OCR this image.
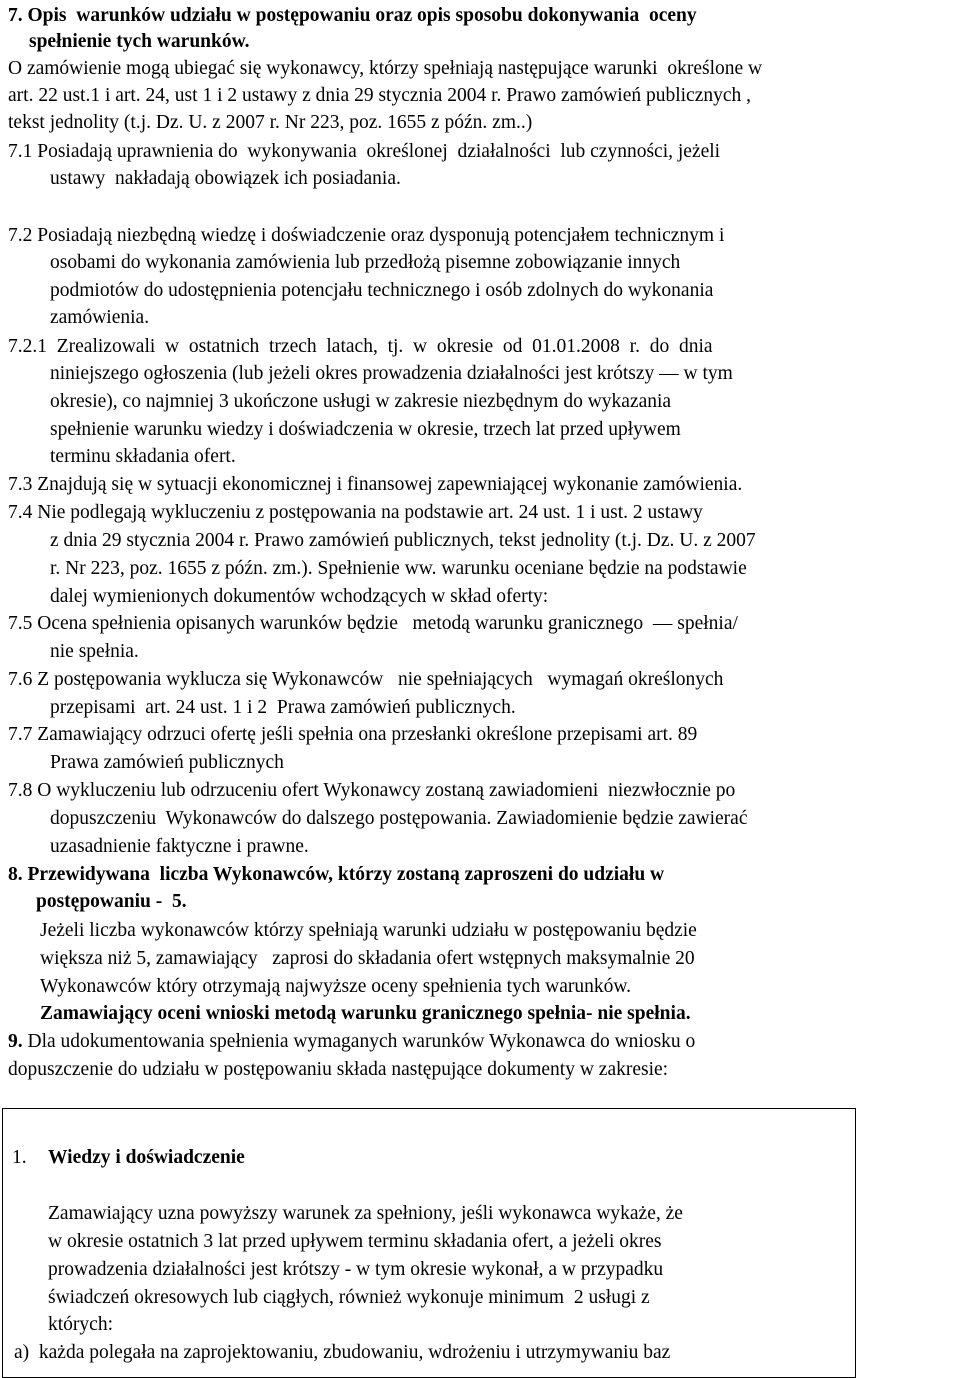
7. Opis  warunków udziału w postępowaniu oraz opis sposobu dokonywania  oceny
spełnienie tych warunków.
O zamówienie mogą ubiegać się wykonawcy, którzy spełniają następujące warunki  określone w
art. 22 ust.1 i art. 24, ust 1 i 2 ustawy z dnia 29 stycznia 2004 r. Prawo zamówień publicznych ,
tekst jednolity (t.j. Dz. U. z 2007 r. Nr 223, poz. 1655 z późn. zm..)
7.1 Posiadają uprawnienia do  wykonywania  określonej  działalności  lub czynności, jeżeli
ustawy  nakładają obowiązek ich posiadania.
7.2 Posiadają niezbędną wiedzę i doświadczenie oraz dysponują potencjałem technicznym i
osobami do wykonania zamówienia lub przedłożą pisemne zobowiązanie innych
podmiotów do udostępnienia potencjału technicznego i osób zdolnych do wykonania
zamówienia.
7.2.1  Zrealizowali  w  ostatnich  trzech  latach,  tj.  w  okresie  od  01.01.2008  r.  do  dnia
niniejszego ogłoszenia (lub jeżeli okres prowadzenia działalności jest krótszy — w tym
okresie), co najmniej 3 ukończone usługi w zakresie niezbędnym do wykazania
spełnienie warunku wiedzy i doświadczenia w okresie, trzech lat przed upływem
terminu składania ofert.
7.3 Znajdują się w sytuacji ekonomicznej i finansowej zapewniającej wykonanie zamówienia.
7.4 Nie podlegają wykluczeniu z postępowania na podstawie art. 24 ust. 1 i ust. 2 ustawy
z dnia 29 stycznia 2004 r. Prawo zamówień publicznych, tekst jednolity (t.j. Dz. U. z 2007
r. Nr 223, poz. 1655 z późn. zm.). Spełnienie ww. warunku oceniane będzie na podstawie
dalej wymienionych dokumentów wchodzących w skład oferty:
7.5 Ocena spełnienia opisanych warunków będzie   metodą warunku granicznego  — spełnia/
nie spełnia.
7.6 Z postępowania wyklucza się Wykonawców   nie spełniających   wymagań określonych
przepisami  art. 24 ust. 1 i 2  Prawa zamówień publicznych.
7.7 Zamawiający odrzuci ofertę jeśli spełnia ona przesłanki określone przepisami art. 89
Prawa zamówień publicznych
7.8 O wykluczeniu lub odrzuceniu ofert Wykonawcy zostaną zawiadomieni  niezwłocznie po
dopuszczeniu  Wykonawców do dalszego postępowania. Zawiadomienie będzie zawierać
uzasadnienie faktyczne i prawne.
8. Przewidywana  liczba Wykonawców, którzy zostaną zaproszeni do udziału w
postępowaniu -  5.
Jeżeli liczba wykonawców którzy spełniają warunki udziału w postępowaniu będzie
większa niż 5, zamawiający   zaprosi do składania ofert wstępnych maksymalnie 20
Wykonawców który otrzymają najwyższe oceny spełnienia tych warunków.
Zamawiający oceni wnioski metodą warunku granicznego spełnia- nie spełnia.
9. Dla udokumentowania spełnienia wymaganych warunków Wykonawca do wniosku o
dopuszczenie do udziału w postępowaniu składa następujące dokumenty w zakresie:
1. Wiedzy i doświadczenie
Zamawiający uzna powyższy warunek za spełniony, jeśli wykonawca wykaże, że
w okresie ostatnich 3 lat przed upływem terminu składania ofert, a jeżeli okres
prowadzenia działalności jest krótszy - w tym okresie wykonał, a w przypadku
świadczeń okresowych lub ciągłych, również wykonuje minimum  2 usługi z
których:
a)  każda polegała na zaprojektowaniu, zbudowaniu, wdrożeniu i utrzymywaniu baz
